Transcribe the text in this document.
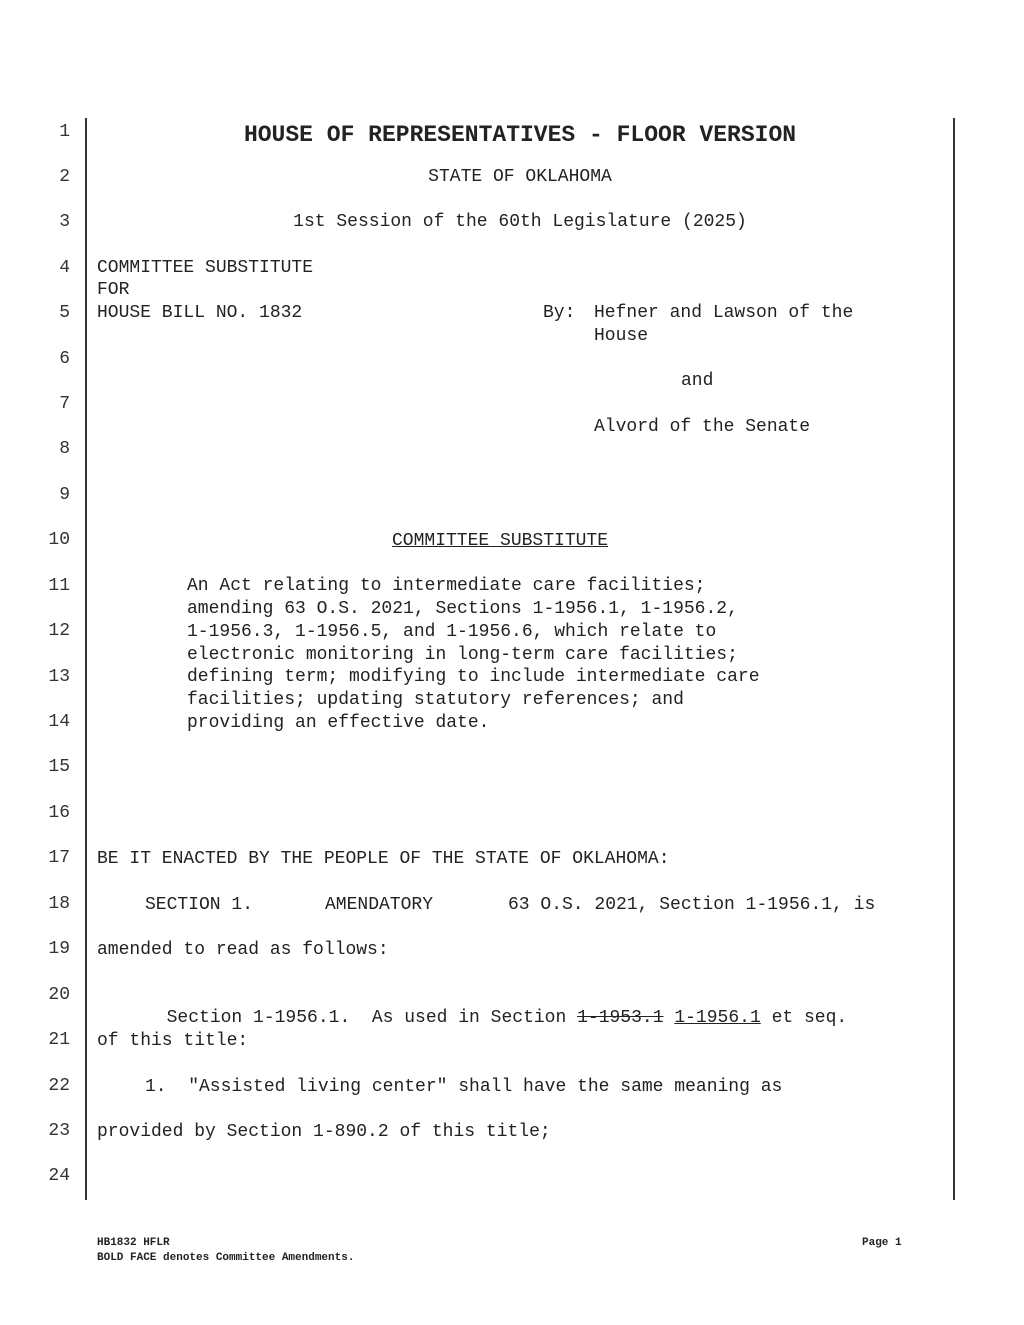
1
2
3
4
5
6
7
8
9
10
11
12
13
14
15
16
17
18
19
20
21
22
23
24
HOUSE OF REPRESENTATIVES - FLOOR VERSION
STATE OF OKLAHOMA
1st Session of the 60th Legislature (2025)
COMMITTEE SUBSTITUTE
FOR
HOUSE BILL NO. 1832	By: Hefner and Lawson of the
House
and
Alvord of the Senate
COMMITTEE SUBSTITUTE
An Act relating to intermediate care facilities;
amending 63 O.S. 2021, Sections 1-1956.1, 1-1956.2,
1-1956.3, 1-1956.5, and 1-1956.6, which relate to
electronic monitoring in long-term care facilities;
defining term; modifying to include intermediate care
facilities; updating statutory references; and
providing an effective date.
BE IT ENACTED BY THE PEOPLE OF THE STATE OF OKLAHOMA:
SECTION 1.	AMENDATORY	63 O.S. 2021, Section 1-1956.1, is
amended to read as follows:

Section 1-1956.1.  As used in Section 1-1953.1 1-1956.1 et seq.

of this title:
1.  "Assisted living center" shall have the same meaning as
provided by Section 1-890.2 of this title;
HB1832 HFLR	Page 1
BOLD FACE denotes Committee Amendments.
